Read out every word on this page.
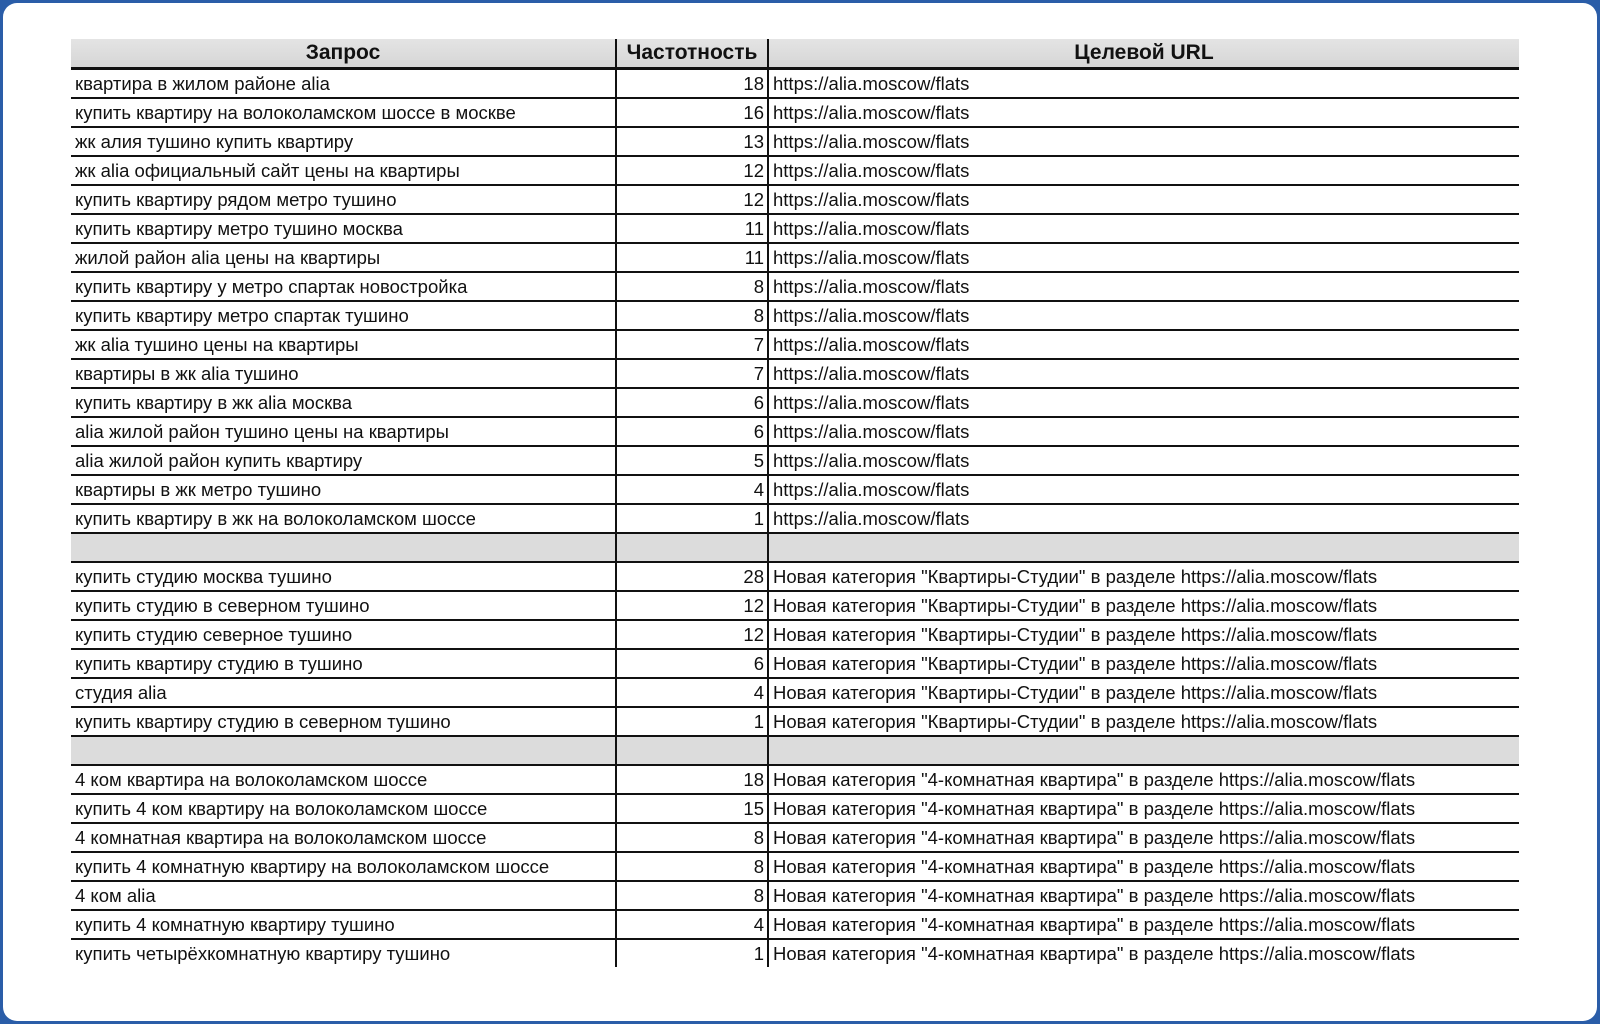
Запрос	Частотность	Целевой URL
квартира в жилом районе alia	18	https://alia.moscow/flats
купить квартиру на волоколамском шоссе в москве	16	https://alia.moscow/flats
жк алия тушино купить квартиру	13	https://alia.moscow/flats
жк alia официальный сайт цены на квартиры	12	https://alia.moscow/flats
купить квартиру рядом метро тушино	12	https://alia.moscow/flats
купить квартиру метро тушино москва	11	https://alia.moscow/flats
жилой район alia цены на квартиры	11	https://alia.moscow/flats
купить квартиру у метро спартак новостройка	8	https://alia.moscow/flats
купить квартиру метро спартак тушино	8	https://alia.moscow/flats
жк alia тушино цены на квартиры	7	https://alia.moscow/flats
квартиры в жк alia тушино	7	https://alia.moscow/flats
купить квартиру в жк alia москва	6	https://alia.moscow/flats
alia жилой район тушино цены на квартиры	6	https://alia.moscow/flats
alia жилой район купить квартиру	5	https://alia.moscow/flats
квартиры в жк метро тушино	4	https://alia.moscow/flats
купить квартиру в жк на волоколамском шоссе	1	https://alia.moscow/flats

купить студию москва тушино	28	Новая категория "Квартиры-Студии" в разделе https://alia.moscow/flats
купить студию в северном тушино	12	Новая категория "Квартиры-Студии" в разделе https://alia.moscow/flats
купить студию северное тушино	12	Новая категория "Квартиры-Студии" в разделе https://alia.moscow/flats
купить квартиру студию в тушино	6	Новая категория "Квартиры-Студии" в разделе https://alia.moscow/flats
студия alia	4	Новая категория "Квартиры-Студии" в разделе https://alia.moscow/flats
купить квартиру студию в северном тушино	1	Новая категория "Квартиры-Студии" в разделе https://alia.moscow/flats

4 ком квартира на волоколамском шоссе	18	Новая категория "4-комнатная квартира" в разделе https://alia.moscow/flats
купить 4 ком квартиру на волоколамском шоссе	15	Новая категория "4-комнатная квартира" в разделе https://alia.moscow/flats
4 комнатная квартира на волоколамском шоссе	8	Новая категория "4-комнатная квартира" в разделе https://alia.moscow/flats
купить 4 комнатную квартиру на волоколамском шоссе	8	Новая категория "4-комнатная квартира" в разделе https://alia.moscow/flats
4 ком alia	8	Новая категория "4-комнатная квартира" в разделе https://alia.moscow/flats
купить 4 комнатную квартиру тушино	4	Новая категория "4-комнатная квартира" в разделе https://alia.moscow/flats
купить четырёхкомнатную квартиру тушино	1	Новая категория "4-комнатная квартира" в разделе https://alia.moscow/flats
